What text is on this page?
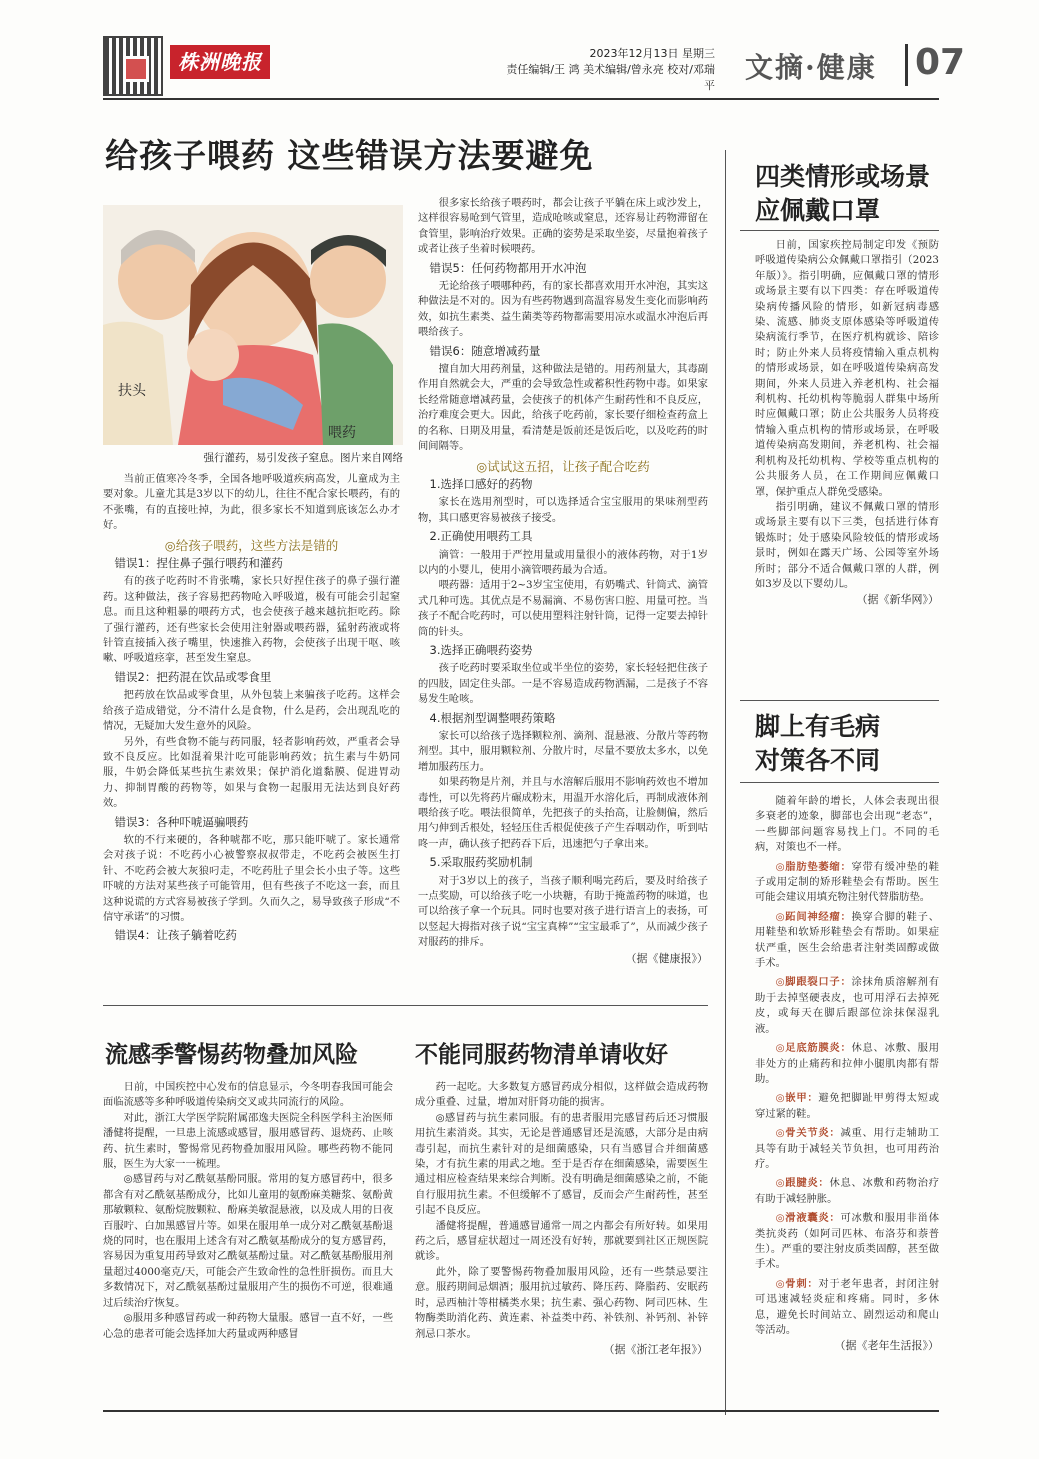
株洲晚报	2023年12月13日 星期三
责任编辑/王 鸿 美术编辑/曾永亮 校对/邓瑞平
文摘·健康 07
给孩子喂药 这些错误方法要避免
扶头
喂药
强行灌药，易引发孩子窒息。图片来自网络

当前正值寒冷冬季，全国各地呼吸道疾病高发，儿童成为主要对象。儿童尤其是3岁以下的幼儿，往往不配合家长喂药，有的不张嘴，有的直接吐掉，为此，很多家长不知道到底该怎么办才好。

◎给孩子喂药，这些方法是错的
错误1：捏住鼻子强行喂药和灌药

有的孩子吃药时不肯张嘴，家长只好捏住孩子的鼻子强行灌药。这种做法，孩子容易把药物呛入呼吸道，极有可能会引起窒息。而且这种粗暴的喂药方式，也会使孩子越来越抗拒吃药。除了强行灌药，还有些家长会使用注射器或喂药器，猛射药液或将针管直接插入孩子嘴里，快速推入药物，会使孩子出现干呕、咳嗽、呼吸道痉挛，甚至发生窒息。

错误2：把药混在饮品或零食里

把药放在饮品或零食里，从外包装上来骗孩子吃药。这样会给孩子造成错觉，分不清什么是食物，什么是药，会出现乱吃的情况，无疑加大发生意外的风险。

另外，有些食物不能与药同服，轻者影响药效，严重者会导致不良反应。比如混着果汁吃可能影响药效；抗生素与牛奶同服，牛奶会降低某些抗生素效果；保护消化道黏膜、促进胃动力、抑制胃酸的药物等，如果与食物一起服用无法达到良好药效。

错误3：各种吓唬逼骗喂药

软的不行来硬的，各种唬都不吃，那只能吓唬了。家长通常会对孩子说：不吃药小心被警察叔叔带走，不吃药会被医生打针、不吃药会被大灰狼叼走，不吃药肚子里会长小虫子等。这些吓唬的方法对某些孩子可能管用，但有些孩子不吃这一套，而且这种说谎的方式容易被孩子学到。久而久之，易导致孩子形成“不信守承诺”的习惯。

错误4：让孩子躺着吃药

很多家长给孩子喂药时，都会让孩子平躺在床上或沙发上，这样很容易呛到气管里，造成呛咳或窒息，还容易让药物滞留在食管里，影响治疗效果。正确的姿势是采取坐姿，尽量抱着孩子或者让孩子坐着时候喂药。

错误5：任何药物都用开水冲泡

无论给孩子喂哪种药，有的家长都喜欢用开水冲泡，其实这种做法是不对的。因为有些药物遇到高温容易发生变化而影响药效，如抗生素类、益生菌类等药物都需要用凉水或温水冲泡后再喂给孩子。

错误6：随意增减药量

擅自加大用药剂量，这种做法是错的。用药剂量大，其毒副作用自然就会大，严重的会导致急性或蓄积性药物中毒。如果家长经常随意增减药量，会使孩子的机体产生耐药性和不良反应，治疗难度会更大。因此，给孩子吃药前，家长要仔细检查药盒上的名称、日期及用量，看清楚是饭前还是饭后吃，以及吃药的时间间隔等。

◎试试这五招，让孩子配合吃药
1.选择口感好的药物

家长在选用剂型时，可以选择适合宝宝服用的果味剂型药物，其口感更容易被孩子接受。

2.正确使用喂药工具

滴管：一般用于严控用量或用量很小的液体药物，对于1岁以内的小婴儿，使用小滴管喂药最为合适。

喂药器：适用于2~3岁宝宝使用，有奶嘴式、针筒式、滴管式几种可选。其优点是不易漏滴、不易伤害口腔、用量可控。当孩子不配合吃药时，可以使用塑料注射针筒，记得一定要去掉针筒的针头。

3.选择正确喂药姿势

孩子吃药时要采取坐位或半坐位的姿势，家长轻轻把住孩子的四肢，固定住头部。一是不容易造成药物洒漏，二是孩子不容易发生呛咳。

4.根据剂型调整喂药策略

家长可以给孩子选择颗粒剂、滴剂、混悬液、分散片等药物剂型。其中，服用颗粒剂、分散片时，尽量不要放太多水，以免增加服药压力。

如果药物是片剂，并且与水溶解后服用不影响药效也不增加毒性，可以先将药片碾成粉末，用温开水溶化后，再制成液体剂喂给孩子吃。喂法很简单，先把孩子的头抬高，让脸侧偏，然后用勺伸到舌根处，轻轻压住舌根促使孩子产生吞咽动作，听到咕咚一声，确认孩子把药吞下后，迅速把勺子拿出来。

5.采取服药奖励机制

对于3岁以上的孩子，当孩子顺利喝完药后，要及时给孩子一点奖励，可以给孩子吃一小块糖，有助于掩盖药物的味道，也可以给孩子拿一个玩具。同时也要对孩子进行语言上的表扬，可以竖起大拇指对孩子说“宝宝真棒”“宝宝最乖了”，从而减少孩子对服药的排斥。

（据《健康报》）
四类情形或场景
应佩戴口罩

日前，国家疾控局制定印发《预防呼吸道传染病公众佩戴口罩指引（2023年版）》。指引明确，应佩戴口罩的情形或场景主要有以下四类：存在呼吸道传染病传播风险的情形，如新冠病毒感染、流感、肺炎支原体感染等呼吸道传染病流行季节，在医疗机构就诊、陪诊时；防止外来人员将疫情输入重点机构的情形或场景，如在呼吸道传染病高发期间，外来人员进入养老机构、社会福利机构、托幼机构等脆弱人群集中场所时应佩戴口罩；防止公共服务人员将疫情输入重点机构的情形或场景，在呼吸道传染病高发期间，养老机构、社会福利机构及托幼机构、学校等重点机构的公共服务人员，在工作期间应佩戴口罩，保护重点人群免受感染。

指引明确，建议不佩戴口罩的情形或场景主要有以下三类，包括进行体育锻炼时；处于感染风险较低的情形或场景时，例如在露天广场、公园等室外场所时；部分不适合佩戴口罩的人群，例如3岁及以下婴幼儿。

（据《新华网》）
脚上有毛病
对策各不同

随着年龄的增长，人体会表现出很多衰老的迹象，脚部也会出现“老态”，一些脚部问题容易找上门。不同的毛病，对策也不一样。

◎脂肪垫萎缩：穿带有缓冲垫的鞋子或用定制的矫形鞋垫会有帮助。医生可能会建议用填充物注射代替脂肪垫。

◎跖间神经瘤：换穿合脚的鞋子、用鞋垫和软矫形鞋垫会有帮助。如果症状严重，医生会给患者注射类固醇或做手术。

◎脚跟裂口子：涂抹角质溶解剂有助于去掉坚硬表皮，也可用浮石去掉死皮，或每天在脚后跟部位涂抹保湿乳液。

◎足底筋膜炎：休息、冰敷、服用非处方的止痛药和拉伸小腿肌肉都有帮助。

◎嵌甲：避免把脚趾甲剪得太短或穿过紧的鞋。

◎骨关节炎：减重、用行走辅助工具等有助于减轻关节负担，也可用药治疗。

◎跟腱炎：休息、冰敷和药物治疗有助于减轻肿胀。

◎滑液囊炎：可冰敷和服用非甾体类抗炎药（如阿司匹林、布洛芬和萘普生）。严重的要注射皮质类固醇，甚至做手术。

◎骨刺：对于老年患者，封闭注射可迅速减轻炎症和疼痛。同时，多休息，避免长时间站立、剧烈运动和爬山等活动。

（据《老年生活报》）
流感季警惕药物叠加风险 不能同服药物清单请收好

日前，中国疾控中心发布的信息显示，今冬明春我国可能会面临流感等多种呼吸道传染病交叉或共同流行的风险。

对此，浙江大学医学院附属邵逸夫医院全科医学科主治医师潘健将提醒，一旦患上流感或感冒，服用感冒药、退烧药、止咳药、抗生素时，警惕常见药物叠加服用风险。哪些药物不能同服，医生为大家一一梳理。

◎感冒药与对乙酰氨基酚同服。常用的复方感冒药中，很多都含有对乙酰氨基酚成分，比如儿童用的氨酚麻美糖浆、氨酚黄那敏颗粒、氨酚烷胺颗粒、酚麻美敏混悬液，以及成人用的日夜百服咛、白加黑感冒片等。如果在服用单一成分对乙酰氨基酚退烧的同时，也在服用上述含有对乙酰氨基酚成分的复方感冒药，容易因为重复用药导致对乙酰氨基酚过量。对乙酰氨基酚服用剂量超过4000毫克/天，可能会产生致命性的急性肝损伤。而且大多数情况下，对乙酰氨基酚过量服用产生的损伤不可逆，很难通过后续治疗恢复。

◎服用多种感冒药或一种药物大量服。感冒一直不好，一些心急的患者可能会选择加大药量或两种感冒

药一起吃。大多数复方感冒药成分相似，这样做会造成药物成分重叠、过量，增加对肝肾功能的损害。

◎感冒药与抗生素同服。有的患者服用完感冒药后还习惯服用抗生素消炎。其实，无论是普通感冒还是流感，大部分是由病毒引起，而抗生素针对的是细菌感染，只有当感冒合并细菌感染，才有抗生素的用武之地。至于是否存在细菌感染，需要医生通过相应检查结果来综合判断。没有明确是细菌感染之前，不能自行服用抗生素。不但缓解不了感冒，反而会产生耐药性，甚至引起不良反应。

潘健将提醒，普通感冒通常一周之内都会有所好转。如果用药之后，感冒症状超过一周还没有好转，那就要到社区正规医院就诊。

此外，除了要警惕药物叠加服用风险，还有一些禁忌要注意。服药期间忌烟酒；服用抗过敏药、降压药、降脂药、安眠药时，忌西柚汁等柑橘类水果；抗生素、强心药物、阿司匹林、生物酶类助消化药、黄连素、补益类中药、补铁剂、补钙剂、补锌剂忌口茶水。

（据《浙江老年报》）
